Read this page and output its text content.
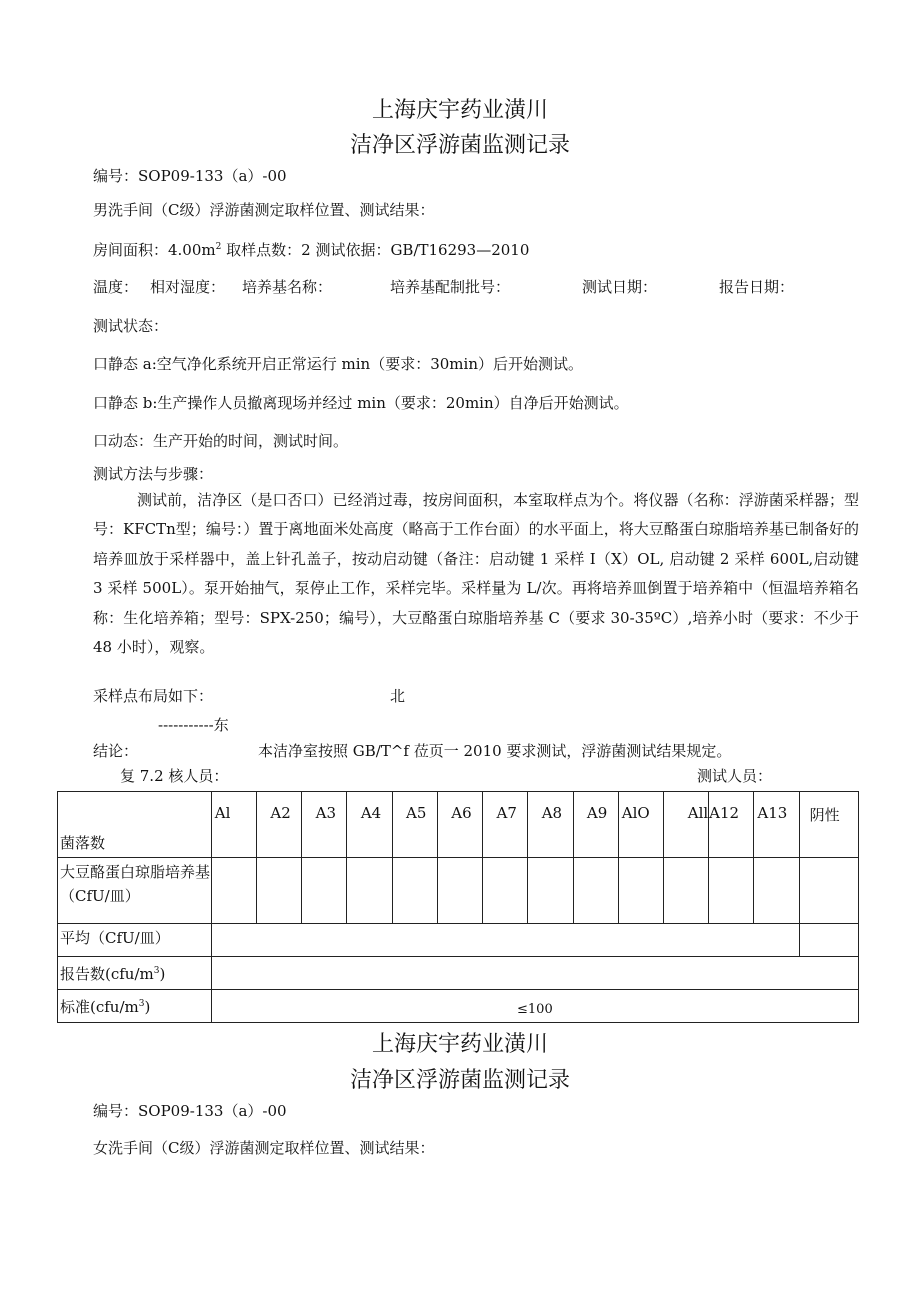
上海庆宇药业潢川
洁净区浮游菌监测记录
编号：SOP09-133（a）-00
男洗手间（C级）浮游菌测定取样位置、测试结果：
房间面积：$4.00m^2$ 取样点数：2 测试依据：GB/T16293—2010
温度： 相对湿度： 培养基名称：	培养基配制批号：	测试日期：	报告日期：
测试状态：
口静态 a:空气净化系统开启正常运行 min（要求：30min）后开始测试。
口静态 b:生产操作人员撤离现场并经过 min（要求：20min）自净后开始测试。
口动态：生产开始的时间，测试时间。
测试方法与步骤：
测试前，洁净区（是口否口）已经消过毒，按房间面积，本室取样点为个。将仪器（名称：浮游菌采样器；型号：KFCTn型；编号：）置于离地面米处高度（略高于工作台面）的水平面上，将大豆酪蛋白琼脂培养基已制备好的培养皿放于采样器中，盖上针孔盖子，按动启动键（备注：启动键 1 采样 I（X）OL, 启动键 2 采样 600L,启动键 3 采样 500L）。泵开始抽气，泵停止工作，采样完毕。采样量为 L/次。再将培养皿倒置于培养箱中（恒温培养箱名称：生化培养箱；型号：SPX-250；编号），大豆酪蛋白琼脂培养基 C（要求 30-35ºC）,培养小时（要求：不少于 48 小时），观察。
采样点布局如下：	北
-----------东
结论：	本洁净室按照 GB/T^f 莅页一 2010 要求测试，浮游菌测试结果规定。
复 7.2 核人员：	测试人员：
菌落数	Al	A2	A3	A4	A5	A6	A7	A8	A9	AlO	All	A12	A13	阴性
大豆酪蛋白琼脂培养基（CfU/皿）														
平均（CfU/皿）														
报告数$(cfu/m^3)$														
标准$(cfu/m^3)$	≤100													
上海庆宇药业潢川
洁净区浮游菌监测记录
编号：SOP09-133（a）-00
女洗手间（C级）浮游菌测定取样位置、测试结果：
